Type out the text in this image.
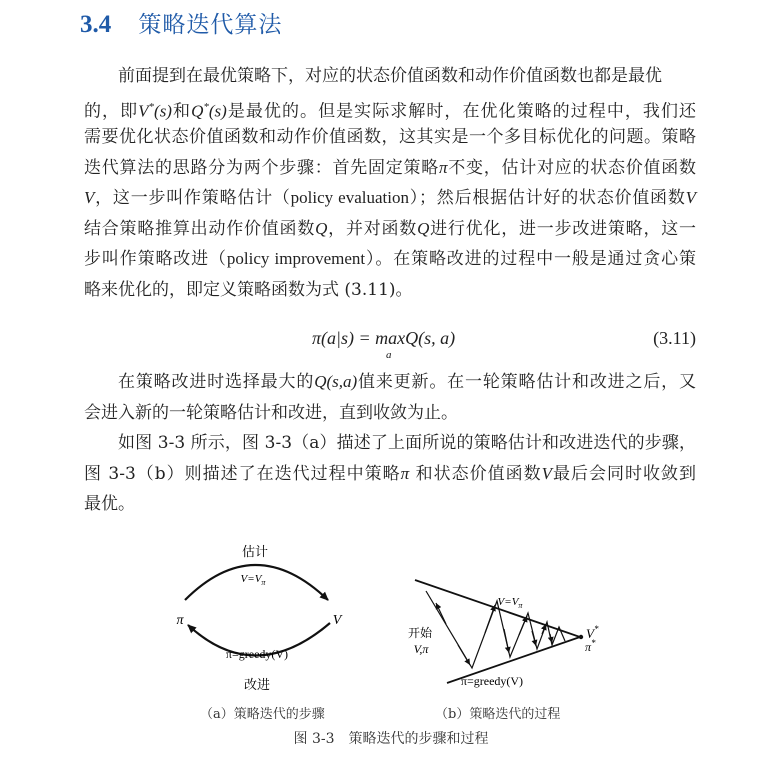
3.4 策略迭代算法
前面提到在最优策略下，对应的状态价值函数和动作价值函数也都是最优
的，即V*(s)和Q*(s)是最优的。但是实际求解时，在优化策略的过程中，我们还
需要优化状态价值函数和动作价值函数，这其实是一个多目标优化的问题。策略
迭代算法的思路分为两个步骤：首先固定策略π不变，估计对应的状态价值函数
V，这一步叫作策略估计（policy evaluation）；然后根据估计好的状态价值函数V
结合策略推算出动作价值函数Q，并对函数Q进行优化，进一步改进策略，这一
步叫作策略改进（policy improvement）。在策略改进的过程中一般是通过贪心策
略来优化的，即定义策略函数为式 (3.11)。
π(a|s) = maxQ(s, a)
a
(3.11)
在策略改进时选择最大的Q(s,a)值来更新。在一轮策略估计和改进之后，又
会进入新的一轮策略估计和改进，直到收敛为止。
如图 3-3 所示，图 3-3（a）描述了上面所说的策略估计和改进迭代的步骤，
图 3-3（b）则描述了在迭代过程中策略π 和状态价值函数V最后会同时收敛到
最优。
估计
$V=V_\pi$
π	V
π=greedy(V)
改进
$V=V_\pi$
开始
V,π
π=greedy(V)
V*
π*
（a）策略迭代的步骤	（b）策略迭代的过程
图 3-3　策略迭代的步骤和过程
